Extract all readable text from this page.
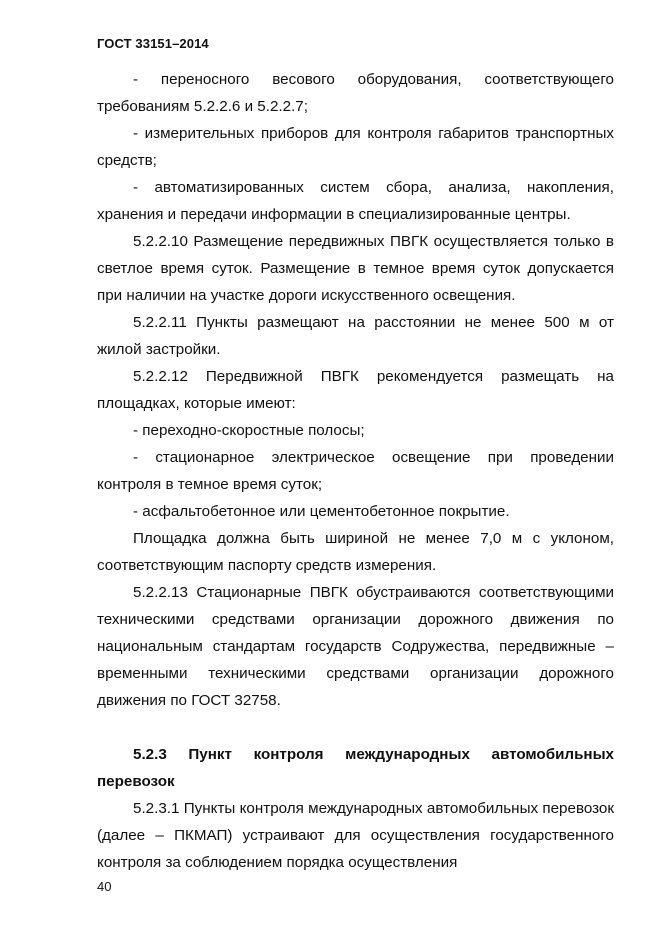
ГОСТ 33151–2014

- переносного весового оборудования, соответствующего требованиям 5.2.2.6 и 5.2.2.7;

- измерительных приборов для контроля габаритов транспортных средств;

- автоматизированных систем сбора, анализа, накопления, хранения и передачи информации в специализированные центры.

5.2.2.10 Размещение передвижных ПВГК осуществляется только в светлое время суток. Размещение в темное время суток допускается при наличии на участке дороги искусственного освещения.

5.2.2.11 Пункты размещают на расстоянии не менее 500 м от жилой застройки.

5.2.2.12 Передвижной ПВГК рекомендуется размещать на площадках, которые имеют:

- переходно-скоростные полосы;

- стационарное электрическое освещение при проведении контроля в темное время суток;

- асфальтобетонное или цементобетонное покрытие.

Площадка должна быть шириной не менее 7,0 м с уклоном, соответствующим паспорту средств измерения.

5.2.2.13 Стационарные ПВГК обустраиваются соответствующими техническими средствами организации дорожного движения по национальным стандартам государств Содружества, передвижные – временными техническими средствами организации дорожного движения по ГОСТ 32758.

5.2.3 Пункт контроля международных автомобильных перевозок

5.2.3.1 Пункты контроля международных автомобильных перевозок (далее – ПКМАП) устраивают для осуществления государственного контроля за соблюдением порядка осуществления

40
